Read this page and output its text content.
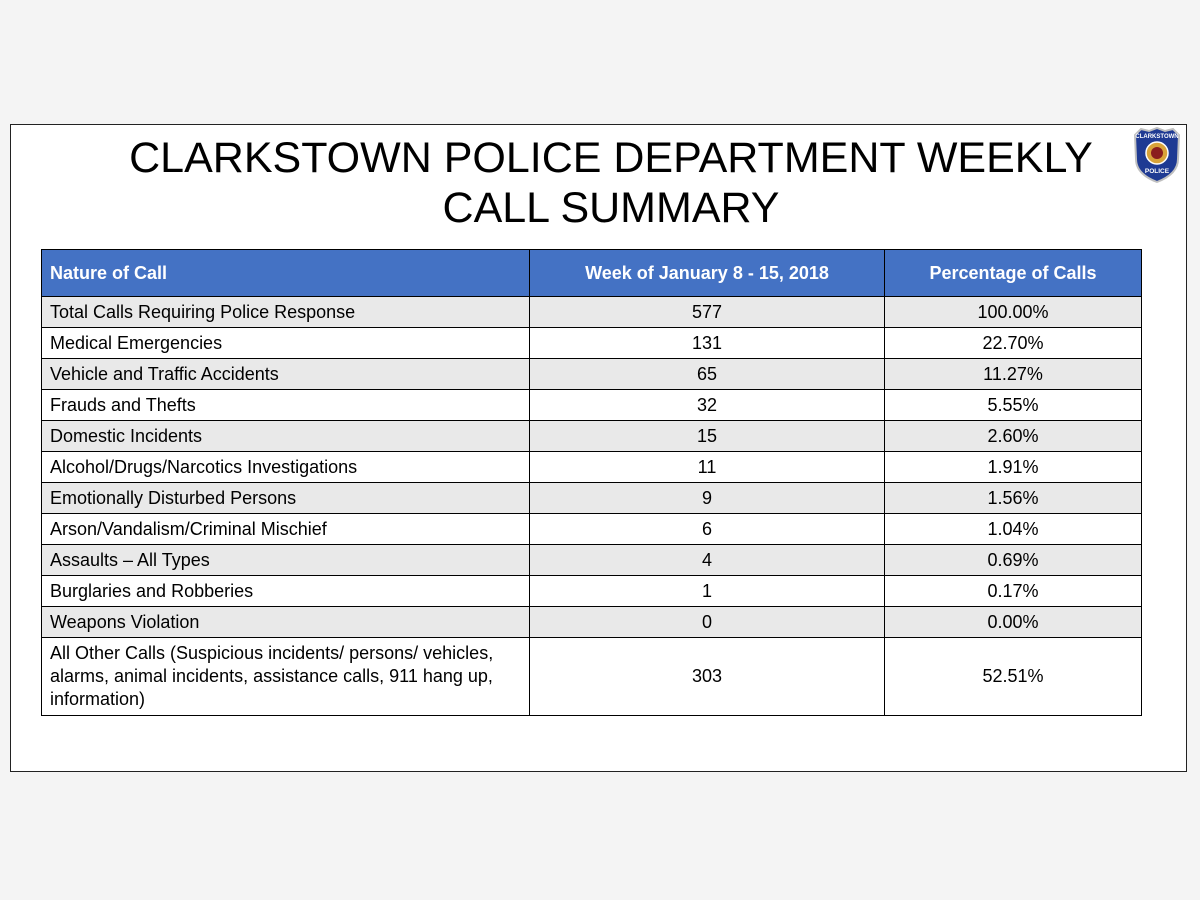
CLARKSTOWN POLICE DEPARTMENT WEEKLY
CALL SUMMARY
CLARKSTOWN
POLICE
Nature of Call	Week of January 8 - 15, 2018	Percentage of Calls
Total Calls Requiring Police Response	577	100.00%
Medical Emergencies	131	22.70%
Vehicle and Traffic Accidents	65	11.27%
Frauds and Thefts	32	5.55%
Domestic Incidents	15	2.60%
Alcohol/Drugs/Narcotics Investigations	11	1.91%
Emotionally Disturbed Persons	9	1.56%
Arson/Vandalism/Criminal Mischief	6	1.04%
Assaults – All Types	4	0.69%
Burglaries and Robberies	1	0.17%
Weapons Violation	0	0.00%
All Other Calls (Suspicious incidents/ persons/ vehicles, alarms, animal incidents, assistance calls, 911 hang up, information)	303	52.51%
